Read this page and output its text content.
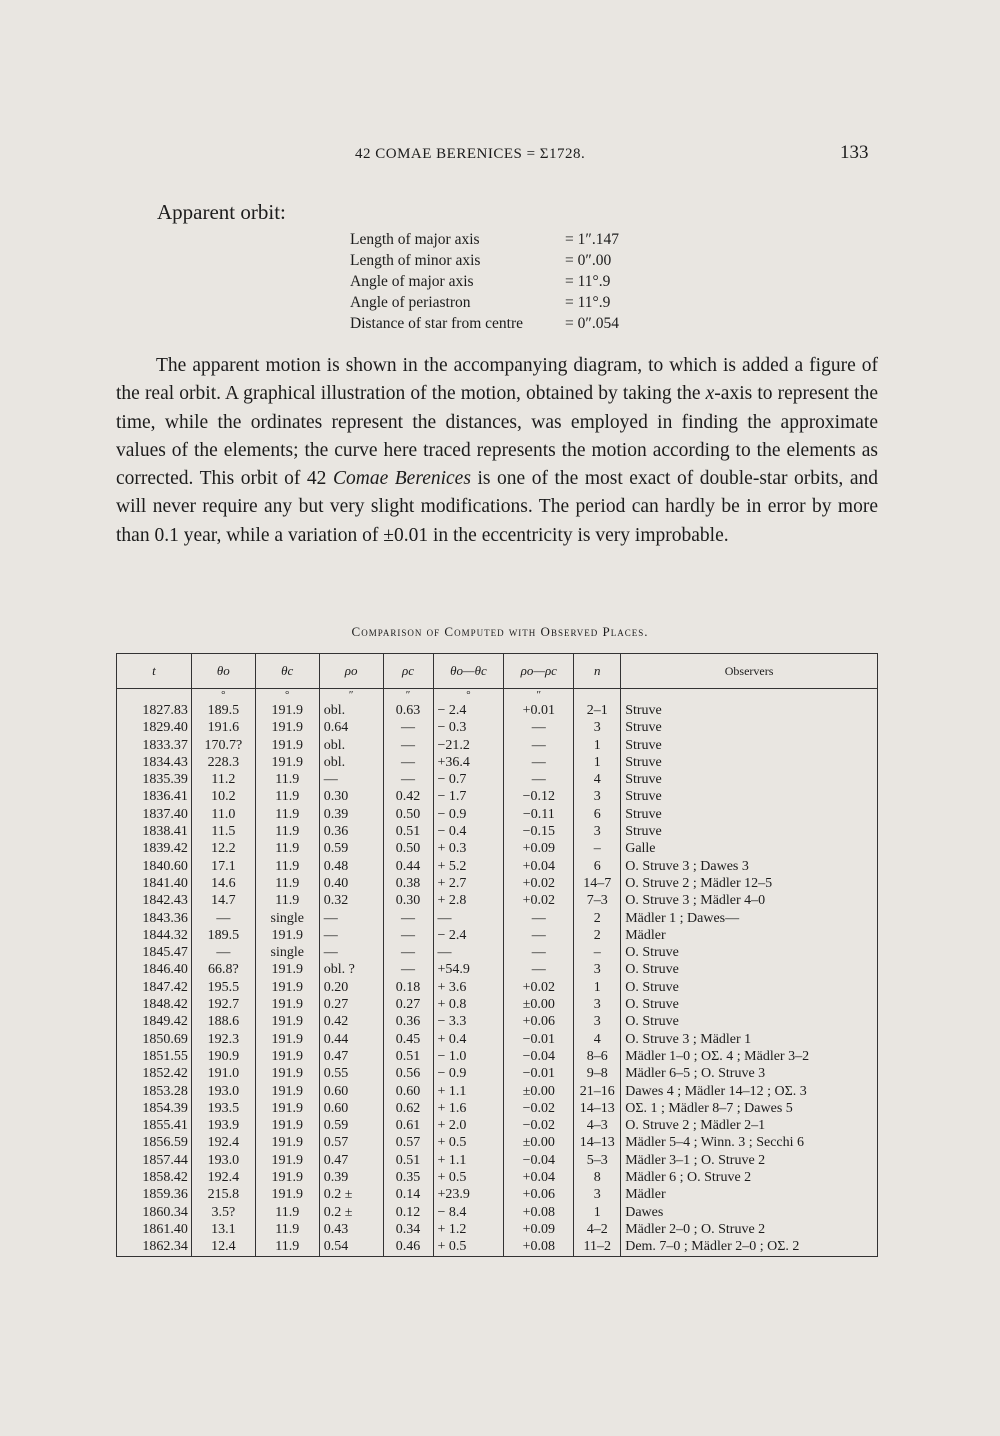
42 COMAE BERENICES = Σ1728.	133
Apparent orbit:
Length of major axis	= 1″.147
Length of minor axis	= 0″.00
Angle of major axis	= 11°.9
Angle of periastron	= 11°.9
Distance of star from centre	= 0″.054

The apparent motion is shown in the accompanying diagram, to which is added a figure of the real orbit. A graphical illustration of the motion, obtained by taking the x-axis to represent the time, while the ordinates represent the distances, was employed in finding the approximate values of the elements; the curve here traced represents the motion according to the elements as corrected. This orbit of 42 Comae Berenices is one of the most exact of double-star orbits, and will never require any but very slight modifications. The period can hardly be in error by more than 0.1 year, while a variation of ±0.01 in the eccentricity is very improbable.

Comparison of Computed with Observed Places.
t	θo	θc	ρo	ρc	θo—θc	ρo—ρc	n	Observers
	°	°	″	″	°	″		
1827.83	189.5	191.9	obl.	0.63	− 2.4	+0.01	2–1	Struve
1829.40	191.6	191.9	0.64	—	− 0.3	—	3	Struve
1833.37	170.7?	191.9	obl.	—	−21.2	—	1	Struve
1834.43	228.3	191.9	obl.	—	+36.4	—	1	Struve
1835.39	11.2	11.9	—	—	− 0.7	—	4	Struve
1836.41	10.2	11.9	0.30	0.42	− 1.7	−0.12	3	Struve
1837.40	11.0	11.9	0.39	0.50	− 0.9	−0.11	6	Struve
1838.41	11.5	11.9	0.36	0.51	− 0.4	−0.15	3	Struve
1839.42	12.2	11.9	0.59	0.50	+ 0.3	+0.09	–	Galle
1840.60	17.1	11.9	0.48	0.44	+ 5.2	+0.04	6	O. Struve 3 ; Dawes 3
1841.40	14.6	11.9	0.40	0.38	+ 2.7	+0.02	14–7	O. Struve 2 ; Mädler 12–5
1842.43	14.7	11.9	0.32	0.30	+ 2.8	+0.02	7–3	O. Struve 3 ; Mädler 4–0
1843.36	—	single	—	—	—	—	2	Mädler 1 ; Dawes—
1844.32	189.5	191.9	—	—	− 2.4	—	2	Mädler
1845.47	—	single	—	—	—	—	–	O. Struve
1846.40	66.8?	191.9	obl. ?	—	+54.9	—	3	O. Struve
1847.42	195.5	191.9	0.20	0.18	+ 3.6	+0.02	1	O. Struve
1848.42	192.7	191.9	0.27	0.27	+ 0.8	±0.00	3	O. Struve
1849.42	188.6	191.9	0.42	0.36	− 3.3	+0.06	3	O. Struve
1850.69	192.3	191.9	0.44	0.45	+ 0.4	−0.01	4	O. Struve 3 ; Mädler 1
1851.55	190.9	191.9	0.47	0.51	− 1.0	−0.04	8–6	Mädler 1–0 ; OΣ. 4 ; Mädler 3–2
1852.42	191.0	191.9	0.55	0.56	− 0.9	−0.01	9–8	Mädler 6–5 ; O. Struve 3
1853.28	193.0	191.9	0.60	0.60	+ 1.1	±0.00	21–16	Dawes 4 ; Mädler 14–12 ; OΣ. 3
1854.39	193.5	191.9	0.60	0.62	+ 1.6	−0.02	14–13	OΣ. 1 ; Mädler 8–7 ; Dawes 5
1855.41	193.9	191.9	0.59	0.61	+ 2.0	−0.02	4–3	O. Struve 2 ; Mädler 2–1
1856.59	192.4	191.9	0.57	0.57	+ 0.5	±0.00	14–13	Mädler 5–4 ; Winn. 3 ; Secchi 6
1857.44	193.0	191.9	0.47	0.51	+ 1.1	−0.04	5–3	Mädler 3–1 ; O. Struve 2
1858.42	192.4	191.9	0.39	0.35	+ 0.5	+0.04	8	Mädler 6 ; O. Struve 2
1859.36	215.8	191.9	0.2 ±	0.14	+23.9	+0.06	3	Mädler
1860.34	3.5?	11.9	0.2 ±	0.12	− 8.4	+0.08	1	Dawes
1861.40	13.1	11.9	0.43	0.34	+ 1.2	+0.09	4–2	Mädler 2–0 ; O. Struve 2
1862.34	12.4	11.9	0.54	0.46	+ 0.5	+0.08	11–2	Dem. 7–0 ; Mädler 2–0 ; OΣ. 2
